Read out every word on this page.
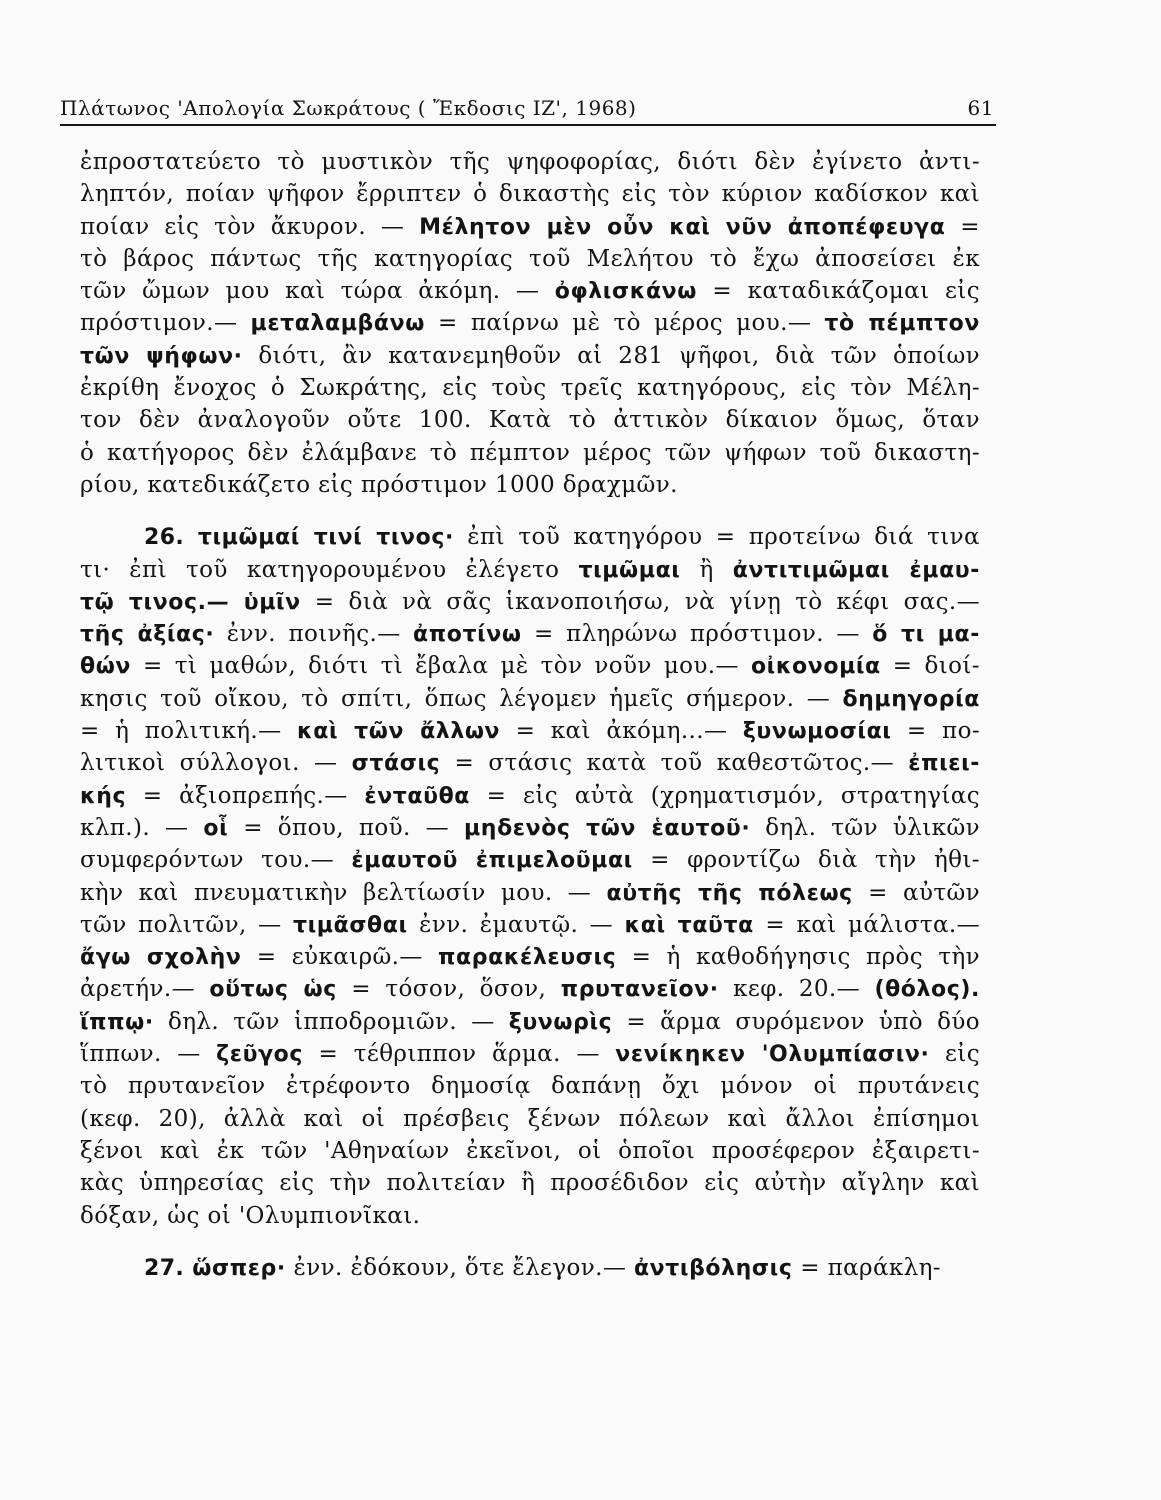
Πλάτωνος 'Απολογία Σωκράτους ( Ἔκδοσις ΙΖ', 1968)	61
ἐπροστατεύετο τὸ μυστικὸν τῆς ψηφοφορίας, διότι δὲν ἐγίνετο ἀντι-
ληπτόν, ποίαν ψῆφον ἔρριπτεν ὁ δικαστὴς εἰς τὸν κύριον καδίσκον καὶ
ποίαν εἰς τὸν ἄκυρον. — Μέλητον μὲν οὖν καὶ νῦν ἀποπέφευγα =
τὸ βάρος πάντως τῆς κατηγορίας τοῦ Μελήτου τὸ ἔχω ἀποσείσει ἐκ
τῶν ὤμων μου καὶ τώρα ἀκόμη. — ὀφλισκάνω = καταδικάζομαι εἰς
πρόστιμον.— μεταλαμβάνω = παίρνω μὲ τὸ μέρος μου.— τὸ πέμπτον
τῶν ψήφων· διότι, ἂν κατανεμηθοῦν αἱ 281 ψῆφοι, διὰ τῶν ὁποίων
ἐκρίθη ἔνοχος ὁ Σωκράτης, εἰς τοὺς τρεῖς κατηγόρους, εἰς τὸν Μέλη-
τον δὲν ἀναλογοῦν οὔτε 100. Κατὰ τὸ ἀττικὸν δίκαιον ὅμως, ὅταν
ὁ κατήγορος δὲν ἐλάμβανε τὸ πέμπτον μέρος τῶν ψήφων τοῦ δικαστη-
ρίου, κατεδικάζετο εἰς πρόστιμον 1000 δραχμῶν.
26. τιμῶμαί τινί τινος· ἐπὶ τοῦ κατηγόρου = προτείνω διά τινα
τι· ἐπὶ τοῦ κατηγορουμένου ἐλέγετο τιμῶμαι ἢ ἀντιτιμῶμαι ἐμαυ-
τῷ τινος.— ὑμῖν = διὰ νὰ σᾶς ἱκανοποιήσω, νὰ γίνῃ τὸ κέφι σας.—
τῆς ἀξίας· ἐνν. ποινῆς.— ἀποτίνω = πληρώνω πρόστιμον. — ὅ τι μα-
θών = τὶ μαθών, διότι τὶ ἔβαλα μὲ τὸν νοῦν μου.— οἰκονομία = διοί-
κησις τοῦ οἴκου, τὸ σπίτι, ὅπως λέγομεν ἡμεῖς σήμερον. — δημηγορία
= ἡ πολιτική.— καὶ τῶν ἄλλων = καὶ ἀκόμη...— ξυνωμοσίαι = πο-
λιτικοὶ σύλλογοι. — στάσις = στάσις κατὰ τοῦ καθεστῶτος.— ἐπιει-
κής = ἀξιοπρεπής.— ἐνταῦθα = εἰς αὐτὰ (χρηματισμόν, στρατηγίας
κλπ.). — οἷ = ὅπου, ποῦ. — μηδενὸς τῶν ἑαυτοῦ· δηλ. τῶν ὑλικῶν
συμφερόντων του.— ἐμαυτοῦ ἐπιμελοῦμαι = φροντίζω διὰ τὴν ἠθι-
κὴν καὶ πνευματικὴν βελτίωσίν μου. — αὐτῆς τῆς πόλεως = αὐτῶν
τῶν πολιτῶν, — τιμᾶσθαι ἐνν. ἐμαυτῷ. — καὶ ταῦτα = καὶ μάλιστα.—
ἄγω σχολὴν = εὐκαιρῶ.— παρακέλευσις = ἡ καθοδήγησις πρὸς τὴν
ἀρετήν.— οὕτως ὡς = τόσον, ὅσον, πρυτανεῖον· κεφ. 20.— (θόλος).
ἵππῳ· δηλ. τῶν ἱπποδρομιῶν. — ξυνωρὶς = ἅρμα συρόμενον ὑπὸ δύο
ἵππων. — ζεῦγος = τέθριππον ἅρμα. — νενίκηκεν 'Ολυμπίασιν· εἰς
τὸ πρυτανεῖον ἐτρέφοντο δημοσίᾳ δαπάνῃ ὄχι μόνον οἱ πρυτάνεις
(κεφ. 20), ἀλλὰ καὶ οἱ πρέσβεις ξένων πόλεων καὶ ἄλλοι ἐπίσημοι
ξένοι καὶ ἐκ τῶν 'Αθηναίων ἐκεῖνοι, οἱ ὁποῖοι προσέφερον ἐξαιρετι-
κὰς ὑπηρεσίας εἰς τὴν πολιτείαν ἢ προσέδιδον εἰς αὐτὴν αἴγλην καὶ
δόξαν, ὡς οἱ 'Ολυμπιονῖκαι.
27. ὥσπερ· ἐνν. ἐδόκουν, ὅτε ἔλεγον.— ἀντιβόλησις = παράκλη-
